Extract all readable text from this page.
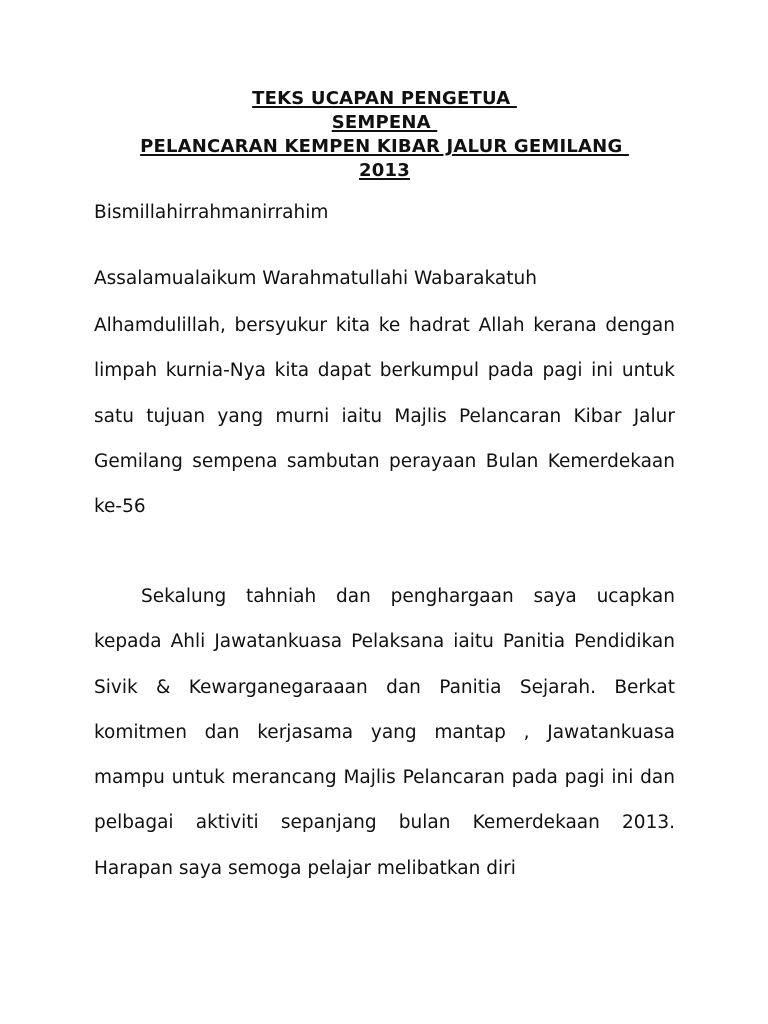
TEKS UCAPAN PENGETUA
SEMPENA
PELANCARAN KEMPEN KIBAR JALUR GEMILANG
2013

Bismillahirrahmanirrahim

Assalamualaikum Warahmatullahi Wabarakatuh

Alhamdulillah, bersyukur kita ke hadrat Allah kerana dengan limpah kurnia-Nya kita dapat berkumpul pada pagi ini untuk satu tujuan yang murni iaitu Majlis Pelancaran Kibar Jalur Gemilang sempena sambutan perayaan Bulan Kemerdekaan ke-56

Sekalung tahniah dan penghargaan saya ucapkan kepada Ahli Jawatankuasa Pelaksana iaitu Panitia Pendidikan Sivik & Kewarganegaraaan dan Panitia Sejarah. Berkat komitmen dan kerjasama yang mantap , Jawatankuasa mampu untuk merancang Majlis Pelancaran pada pagi ini dan pelbagai aktiviti sepanjang bulan Kemerdekaan 2013. Harapan saya semoga pelajar melibatkan diri
